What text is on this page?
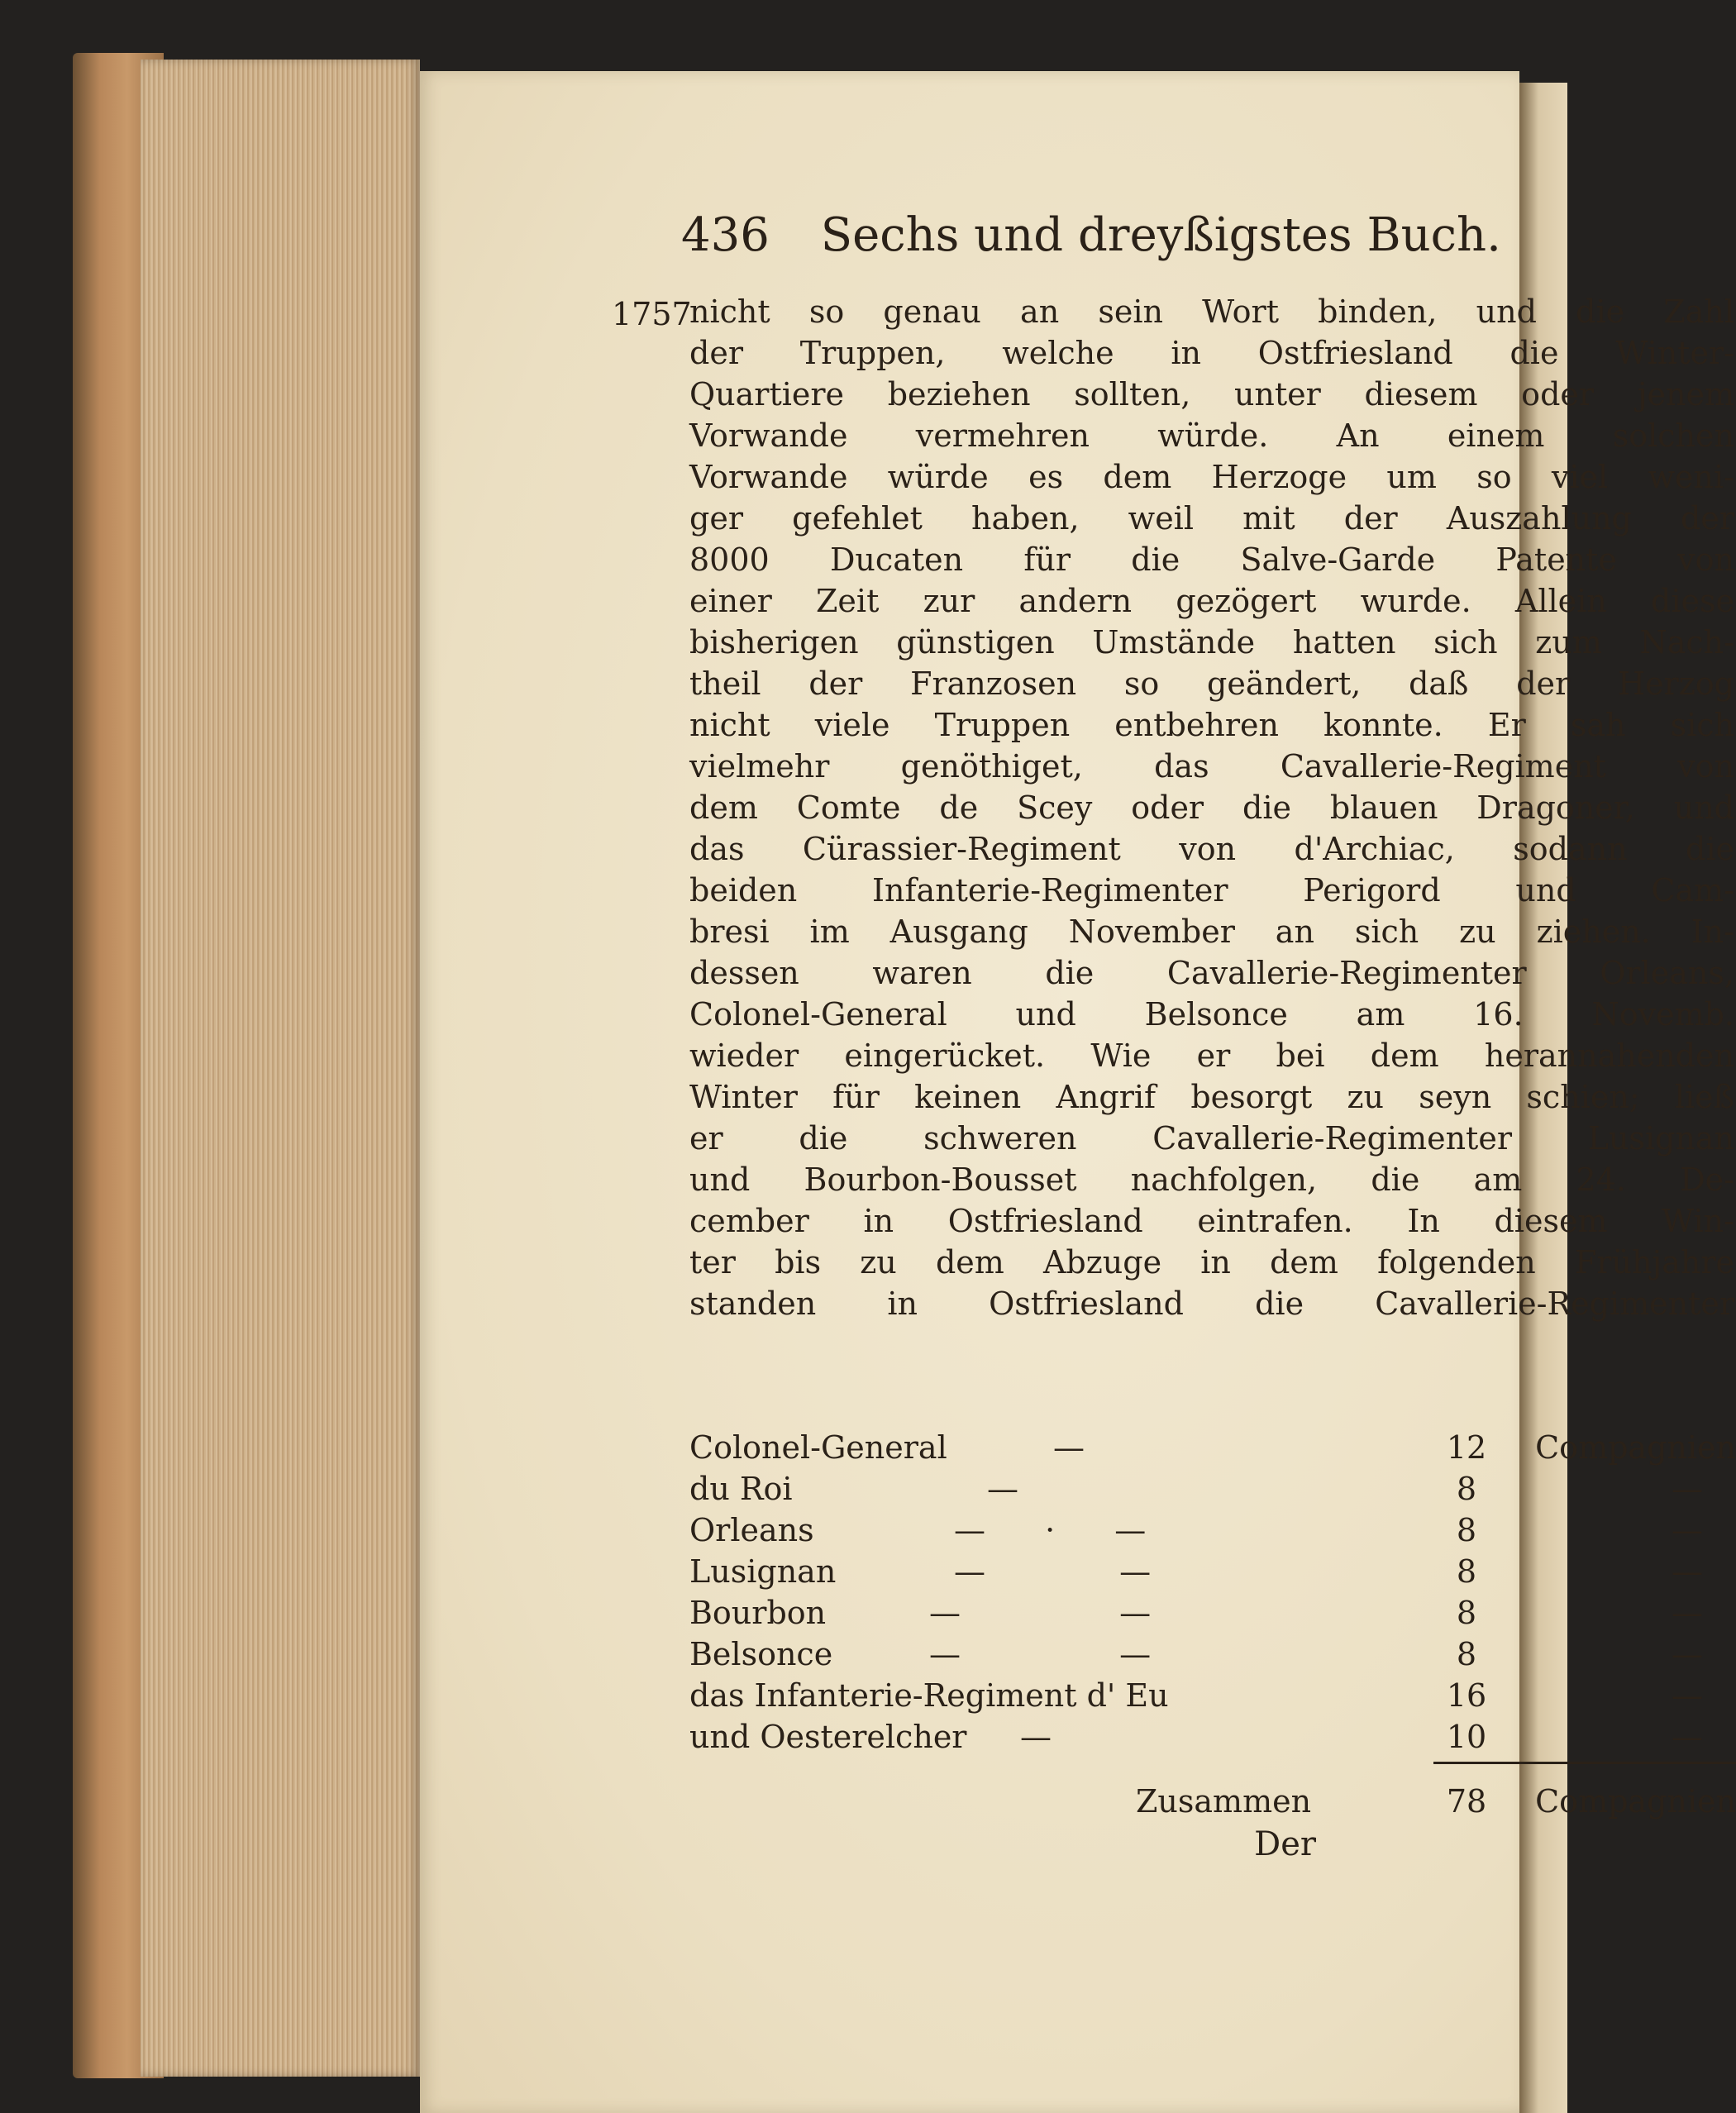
436 Sechs und dreyßigstes Buch.
1757
nicht so genau an sein Wort binden, und die Zahl
der Truppen, welche in Ostfriesland die Winter-
Quartiere beziehen sollten, unter diesem oder jenem
Vorwande vermehren würde. An einem solchen
Vorwande würde es dem Herzoge um so viel weni-
ger gefehlet haben, weil mit der Auszahlung der
8000 Ducaten für die Salve-Garde Patente von
einer Zeit zur andern gezögert wurde. Allein diese
bisherigen günstigen Umstände hatten sich zum Nach-
theil der Franzosen so geändert, daß der Herzog
nicht viele Truppen entbehren konnte. Er sah sich
vielmehr genöthiget, das Cavallerie-Regiment von
dem Comte de Scey oder die blauen Dragoner, und
das Cürassier-Regiment von d'Archiac, sodann die
beiden Infanterie-Regimenter Perigord und Cam-
bresi im Ausgang November an sich zu ziehen. In-
dessen waren die Cavallerie-Regimenter Orleans,
Colonel-General und Belsonce am 16. Novemb.
wieder eingerücket. Wie er bei dem herannahenden
Winter für keinen Angrif besorgt zu seyn schien; ließ
er die schweren Cavallerie-Regimenter Lusignan
und Bourbon-Bousset nachfolgen, die am 24. De-
cember in Ostfriesland eintrafen. In diesem Win-
ter bis zu dem Abzuge in dem folgenden Frühjahre
standen in Ostfriesland die Cavallerie-Regimenter
Colonel-General	—	12	Compagnien
du Roi	—	8	—
Orleans	— · —	8	—
Lusignan	— —	8	—
Bourbon	— —	8	—
Belsonce	— —	8	—
das Infanterie-Regiment d' Eu	16	—
und Oesterelcher —	10	—
Zusammen	78	Compagnien
Der
